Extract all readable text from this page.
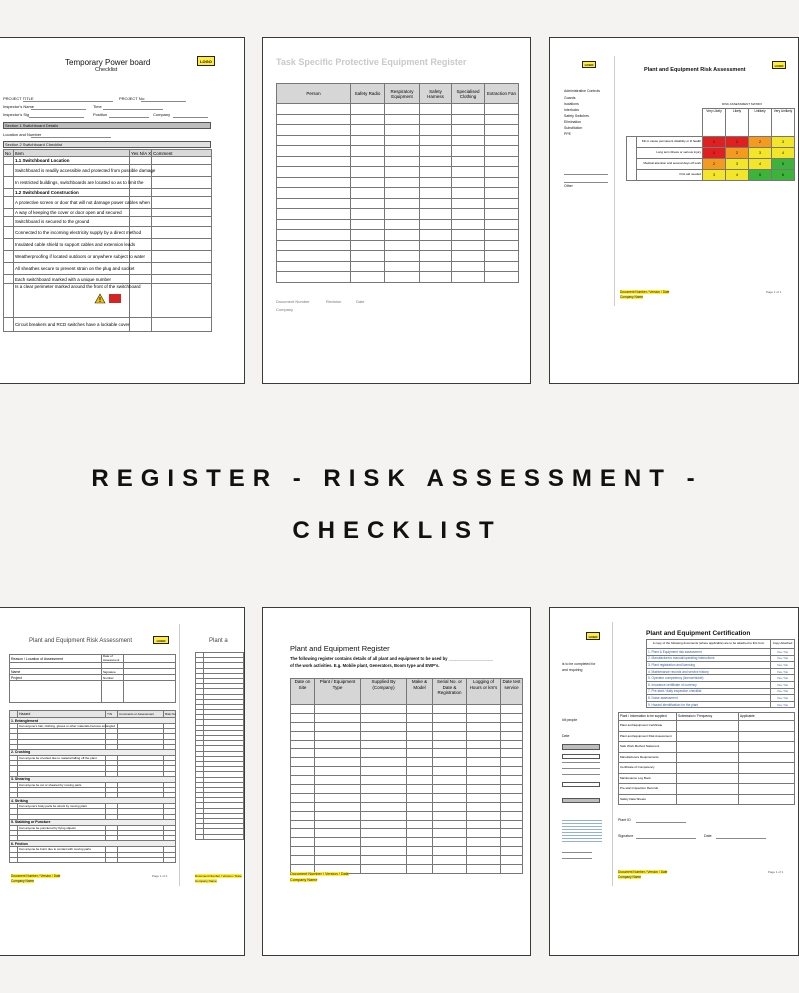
LOGO
Temporary Power board
Checklist
PROJECT TITLE	PROJECT No:
Inspector's Name	Time
Inspector's Sig	Position	Company
Section 1 Switchboard Details
Location and Number
Section 2 Switchboard Checklist
No	Item	Yes N/A X	Comment
	1.1 Switchboard Location		
	Switchboard is readily accessible and protected from possible damage		
	In restricted buildings, switchboards are located so as to limit the		
	1.2 Switchboard Construction		
	A protective screen or door that will not damage power cables when		
	A way of keeping the cover or door open and secured		
	Switchboard is secured to the ground		
	Connected to the incoming electricity supply by a direct method		
	Insulated cable shield to support cables and extension leads		
	Weatherproofing if located outdoors or anywhere subject to water		
	All sheathes secure to prevent strain on the plug and socket		
	Each switchboard marked with a unique number		
	Is a clear perimeter marked around the front of the switchboard		
	Circuit breakers and RCD switches have a lockable cover		
Task Specific Protective Equipment Register
Person	Safety Radio	Respiratory Equipment	Safety Harness	Specialised Clothing	Extraction Fan

Document Number	Revision	Date
Company
LOGO
Administrative Controls
Guards
Isolations
Interlocks
Safety Switches
Elimination
Substitution
PPE
Other
Plant and Equipment Risk Assessment
LOGO
RISK ASSESSMENT MATRIX
		Very Likely	Likely	Unlikely	Very Unlikely
	Kill or cause permanent disability or ill health	1	1	2	3
	Long term illness or serious injury	1	2	3	4
	Medical attention and several days off work	2	3	4	5
	First aid needed	3	4	5	6
Document Number / Version / Date
Company Name
Page 1 of 1
REGISTER - RISK ASSESSMENT -
CHECKLIST
Plant and Equipment Risk Assessment	LOGO
Reason / Location of Assessment	Date of Assessment	

Name	Signature	
Project	Number	

	Hazard	Y/N	Comments or Assessment	Risk No
1. Entanglement				
	Can anyone's hair, clothing, gloves or other materials become entangled			

2. Crushing				
	Can anyone be crushed due to material falling off the plant			

3. Shearing				
	Can anyone be cut or sheared by moving parts			

4. Striking				
	Can anyone's body parts be struck by moving plant			

5. Stabbing or Puncture				
	Can anyone be punctured by flying objects			

6. Friction				
	Can anyone be burnt due to contact with moving parts			

Document Number / Version / Date
Company Name
Page 1 of 2
Plant a

Document Number / Version / Date
Company Name
Plant and Equipment Register
The following register contains details of all plant and equipment to be used by ___________________
of the work activities. E.g. Mobile plant, Generators, Boom type and EWP's.
Date on Site	Plant / Equipment Type	Supplied By (Company)	Make & Model	Serial No. or Date & Registration	Logging of Hours or km's	Date test service

Document Number / Version / Date
Company Name
LOGO
is to be completed for
and requiring
ldt people
Date
Plant and Equipment Certification
A copy of the following documents (where applicable) are to be attached to this form	Copy Attached
1. Plant & Equipment risk assessment	Yes / No
2. Manufacturers manual/operating instructions	Yes / No
3. Plant registration and licensing	Yes / No
4. Maintenance records and service history	Yes / No
5. Operator competency (licence/ticket)	Yes / No
6. Insurance certificate of currency	Yes / No
7. Pre-start / daily inspection checklist	Yes / No
8. Noise assessment	Yes / No
9. Hazard identification for the plant	Yes / No
Plant / Information to be supplied	Submission / Frequency	Applicable
Plant and Equipment Certificate		
Plant and Equipment Risk Assessment		
Safe Work Method Statement		
Manufacturers Requirements		
Certificate of Competency		
Maintenance Log Book		
Pre-start Inspection Records		
Safety Data Sheets		
Plant ID
Signature	Date
Document Number / Version / Date
Company Name
Page 1 of 1
